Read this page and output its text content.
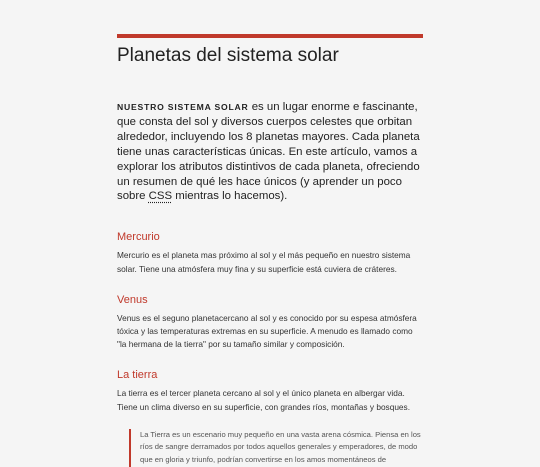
Planetas del sistema solar

NUESTRO SISTEMA SOLAR es un lugar enorme e fascinante, que consta del sol y diversos cuerpos celestes que orbitan alrededor, incluyendo los 8 planetas mayores. Cada planeta tiene unas características únicas. En este artículo, vamos a explorar los atributos distintivos de cada planeta, ofreciendo un resumen de qué les hace únicos (y aprender un poco sobre CSS mientras lo hacemos).

Mercurio

Mercurio es el planeta mas próximo al sol y el más pequeño en nuestro sistema solar. Tiene una atmósfera muy fina y su superficie está cuviera de cráteres.

Venus

Venus es el seguno planetacercano al sol y es conocido por su espesa atmósfera tóxica y las temperaturas extremas en su superficie. A menudo es llamado como "la hermana de la tierra" por su tamaño similar y composición.

La tierra

La tierra es el tercer planeta cercano al sol y el único planeta en albergar vida. Tiene un clima diverso en su superficie, con grandes ríos, montañas y bosques.

La Tierra es un escenario muy pequeño en una vasta arena cósmica. Piensa en los ríos de sangre derramados por todos aquellos generales y emperadores, de modo que en gloria y triunfo, podrían convertirse en los amos momentáneos de
